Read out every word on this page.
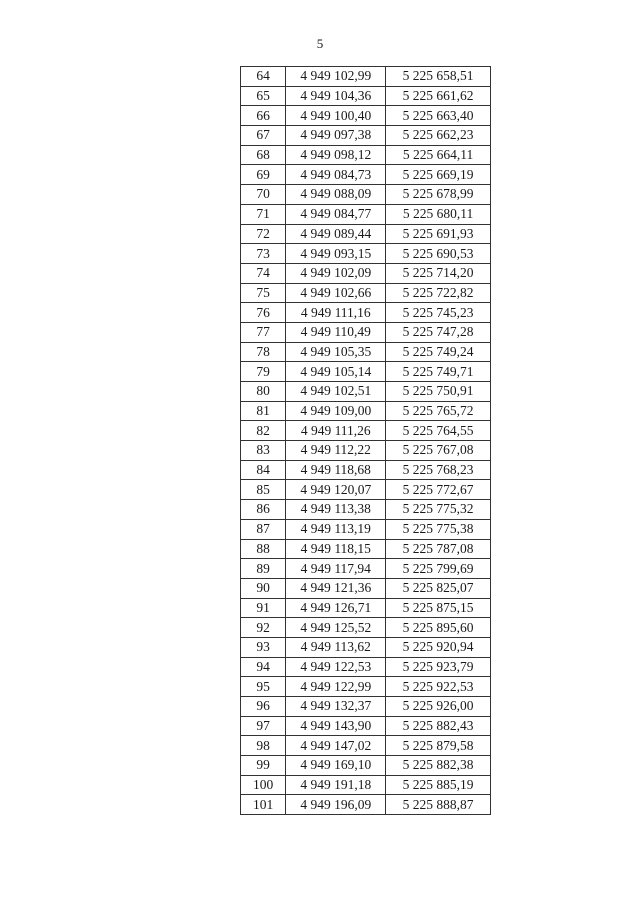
5
64	4 949 102,99	5 225 658,51
65	4 949 104,36	5 225 661,62
66	4 949 100,40	5 225 663,40
67	4 949 097,38	5 225 662,23
68	4 949 098,12	5 225 664,11
69	4 949 084,73	5 225 669,19
70	4 949 088,09	5 225 678,99
71	4 949 084,77	5 225 680,11
72	4 949 089,44	5 225 691,93
73	4 949 093,15	5 225 690,53
74	4 949 102,09	5 225 714,20
75	4 949 102,66	5 225 722,82
76	4 949 111,16	5 225 745,23
77	4 949 110,49	5 225 747,28
78	4 949 105,35	5 225 749,24
79	4 949 105,14	5 225 749,71
80	4 949 102,51	5 225 750,91
81	4 949 109,00	5 225 765,72
82	4 949 111,26	5 225 764,55
83	4 949 112,22	5 225 767,08
84	4 949 118,68	5 225 768,23
85	4 949 120,07	5 225 772,67
86	4 949 113,38	5 225 775,32
87	4 949 113,19	5 225 775,38
88	4 949 118,15	5 225 787,08
89	4 949 117,94	5 225 799,69
90	4 949 121,36	5 225 825,07
91	4 949 126,71	5 225 875,15
92	4 949 125,52	5 225 895,60
93	4 949 113,62	5 225 920,94
94	4 949 122,53	5 225 923,79
95	4 949 122,99	5 225 922,53
96	4 949 132,37	5 225 926,00
97	4 949 143,90	5 225 882,43
98	4 949 147,02	5 225 879,58
99	4 949 169,10	5 225 882,38
100	4 949 191,18	5 225 885,19
101	4 949 196,09	5 225 888,87
